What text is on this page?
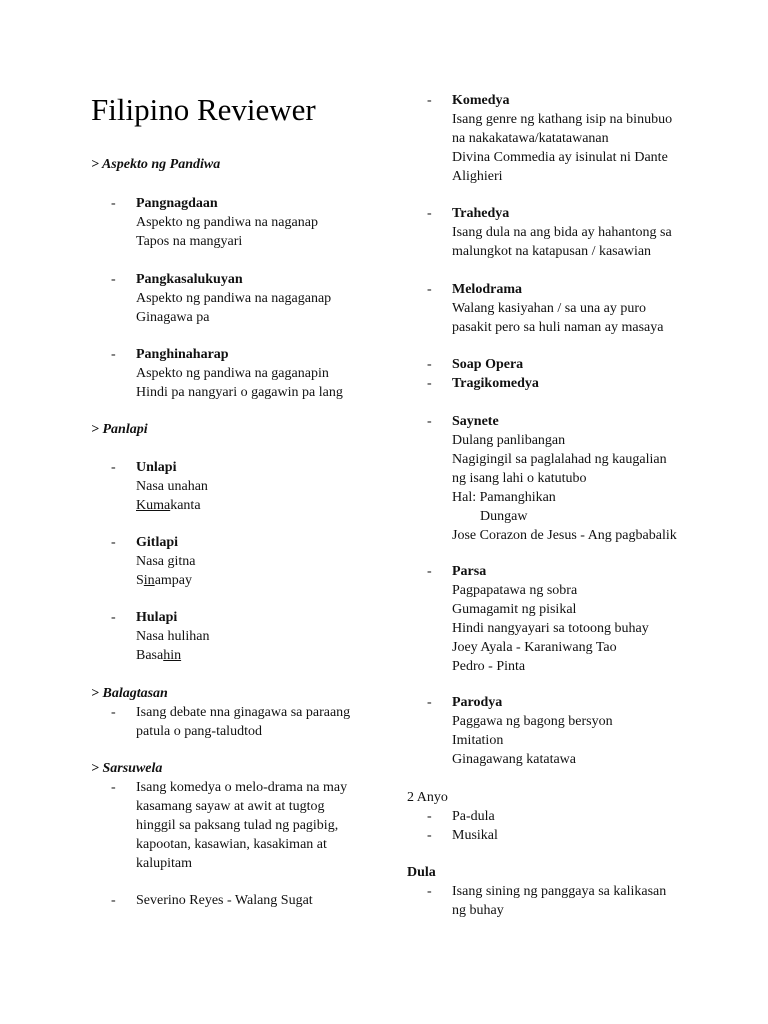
Filipino Reviewer
> Aspekto ng Pandiwa
- Pangnagdaan
Aspekto ng pandiwa na naganap
Tapos na mangyari
- Pangkasalukuyan
Aspekto ng pandiwa na nagaganap
Ginagawa pa
- Panghinaharap
Aspekto ng pandiwa na gaganapin
Hindi pa nangyari o gagawin pa lang
> Panlapi
- Unlapi
Nasa unahan
Kumakanta
- Gitlapi
Nasa gitna
Sinampay
- Hulapi
Nasa hulihan
Basahin
> Balagtasan
- Isang debate nna ginagawa sa paraang
patula o pang-taludtod
> Sarsuwela
- Isang komedya o melo-drama na may
kasamang sayaw at awit at tugtog
hinggil sa paksang tulad ng pagibig,
kapootan, kasawian, kasakiman at
kalupitam
- Severino Reyes - Walang Sugat
- Komedya
Isang genre ng kathang isip na binubuo
na nakakatawa/katatawanan
Divina Commedia ay isinulat ni Dante
Alighieri
- Trahedya
Isang dula na ang bida ay hahantong sa
malungkot na katapusan / kasawian
- Melodrama
Walang kasiyahan / sa una ay puro
pasakit pero sa huli naman ay masaya
- Soap Opera
- Tragikomedya
- Saynete
Dulang panlibangan
Nagigingil sa paglalahad ng kaugalian
ng isang lahi o katutubo
Hal: Pamanghikan
Dungaw
Jose Corazon de Jesus - Ang pagbabalik
- Parsa
Pagpapatawa ng sobra
Gumagamit ng pisikal
Hindi nangyayari sa totoong buhay
Joey Ayala - Karaniwang Tao
Pedro - Pinta
- Parodya
Paggawa ng bagong bersyon
Imitation
Ginagawang katatawa
2 Anyo
- Pa-dula
- Musikal
Dula
- Isang sining ng panggaya sa kalikasan
ng buhay
